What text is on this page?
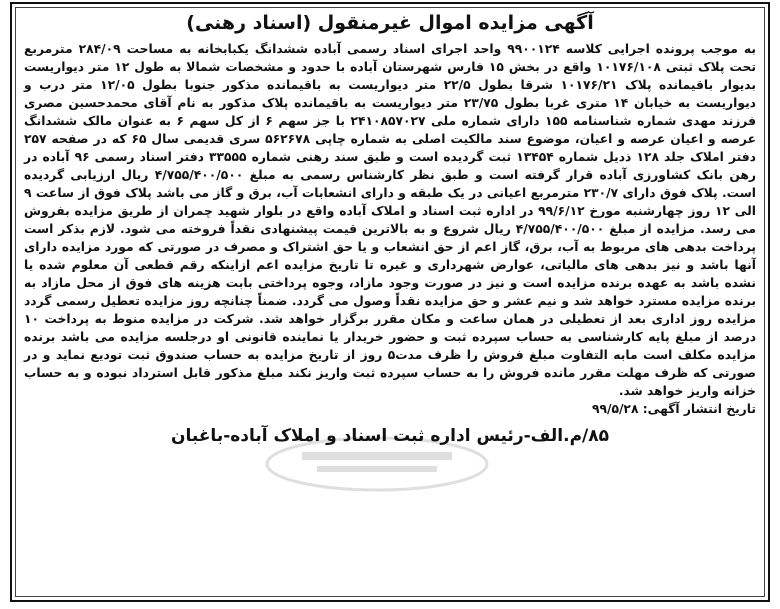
آگهی مزایده اموال غیرمنقول (اسناد رهنی)

به موجب پرونده اجرایی کلاسه ۹۹۰۰۱۲۴ واحد اجرای اسناد رسمی آباده ششدانگ یکبابخانه به مساحت ۲۸۴/۰۹ مترمربع تحت پلاک ثبتی ۱۰۱۷۶/۱۰۸ واقع در بخش ۱۵ فارس شهرستان آباده با حدود و مشخصات شمالا به طول ۱۲ متر دیواریست بدیوار باقیمانده پلاک ۱۰۱۷۶/۲۱ شرقا بطول ۲۲/۵ متر دیواریست به باقیمانده مذکور جنوبا بطول ۱۲/۰۵ متر درب و دیواریست به خیابان ۱۴ متری غربا بطول ۲۳/۷۵ متر دیواریست به باقیمانده پلاک مذکور به نام آقای محمدحسین مصری فرزند مهدی شماره شناسنامه ۱۵۵ دارای شماره ملی ۲۴۱۰۸۵۷۰۲۷ با جز سهم ۶ از کل سهم ۶ به عنوان مالک ششدانگ عرصه و اعیان عرصه و اعیان، موضوع سند مالکیت اصلی به شماره چاپی ۵۶۲۶۷۸ سری قدیمی سال ۶۵ که در صفحه ۲۵۷ دفتر املاک جلد ۱۲۸ ذدیل شماره ۱۳۴۵۴ ثبت گردیده است و طبق سند رهنی شماره ۳۳۵۵۵ دفتر اسناد رسمی ۹۶ آباده در رهن بانک کشاورزی آباده قرار گرفته است و طبق نظر کارشناس رسمی به مبلغ ۴/۷۵۵/۴۰۰/۵۰۰ ریال ارزیابی گردیده است. پلاک فوق دارای ۲۳۰/۷ مترمربع اعیانی در یک طبقه و دارای انشعابات آب، برق و گاز می باشد پلاک فوق از ساعت ۹ الی ۱۲ روز چهارشنبه مورخ ۹۹/۶/۱۲ در اداره ثبت اسناد و املاک آباده واقع در بلوار شهید چمران از طریق مزایده بفروش می رسد. مزایده از مبلغ ۴/۷۵۵/۴۰۰/۵۰۰ ریال شروع و به بالاترین قیمت پیشنهادی نقداً فروخته می شود. لازم بذکر است پرداخت بدهی های مربوط به آب، برق، گاز اعم از حق انشعاب و یا حق اشتراک و مصرف در صورتی که مورد مزایده دارای آنها باشد و نیز بدهی های مالیاتی، عوارض شهرداری و غیره تا تاریخ مزایده اعم ازاینکه رقم قطعی آن معلوم شده یا نشده باشد به عهده برنده مزایده است و نیز در صورت وجود مازاد، وجوه پرداختی بابت هزینه های فوق از محل مازاد به برنده مزایده مسترد خواهد شد و نیم عشر و حق مزایده نقداً وصول می گردد. ضمناً چنانچه روز مزایده تعطیل رسمی گردد مزایده روز اداری بعد از تعطیلی در همان ساعت و مکان مقرر برگزار خواهد شد. شرکت در مزایده منوط به پرداخت ۱۰ درصد از مبلغ پایه کارشناسی به حساب سپرده ثبت و حضور خریدار یا نماینده قانونی او درجلسه مزایده می باشد برنده مزایده مکلف است مابه التفاوت مبلغ فروش را ظرف مدت۵ روز از تاریخ مزایده به حساب صندوق ثبت تودیع نماید و در صورتی که ظرف مهلت مقرر مانده فروش را به حساب سپرده ثبت واریز نکند مبلغ مذکور قابل استرداد نبوده و به حساب خزانه واریز خواهد شد.

تاریخ انتشار آگهی: ۹۹/۵/۲۸

۸۵/م.الف-رئیس اداره ثبت اسناد و املاک آباده-باغبان
